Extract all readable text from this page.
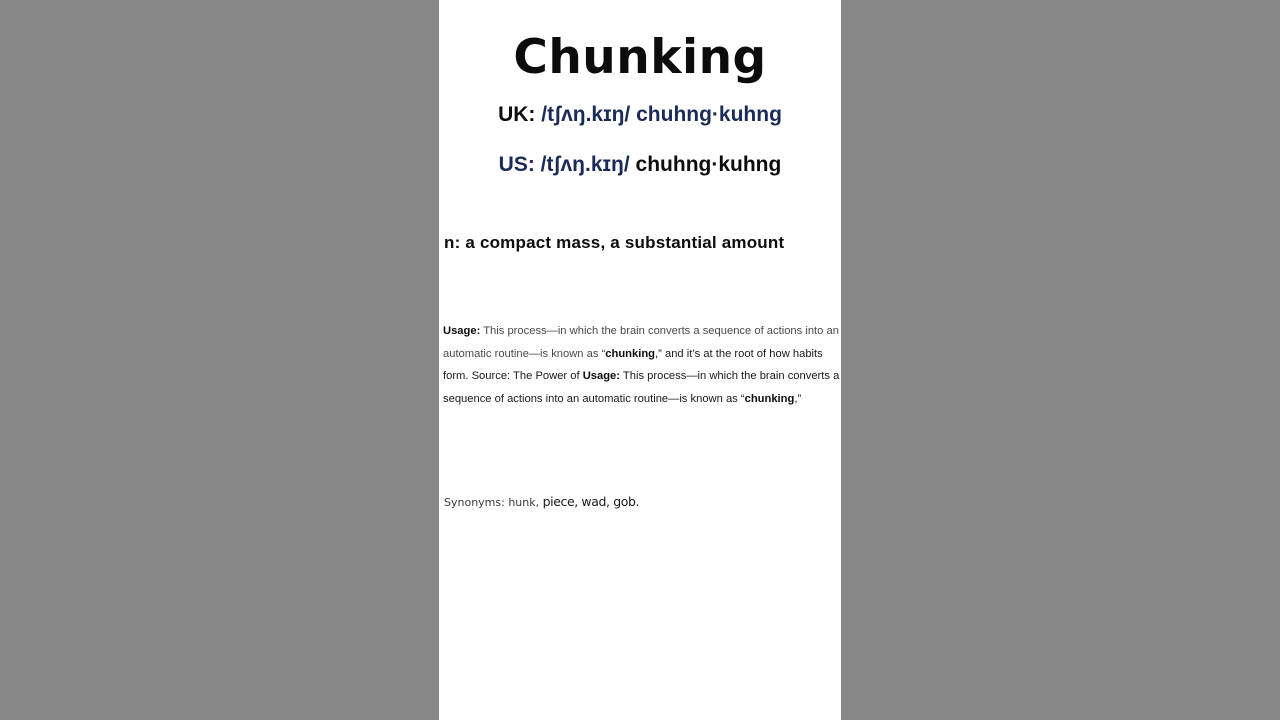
Chunking
UK: /tʃʌŋ.kɪŋ/ chuhng·kuhng
US: /tʃʌŋ.kɪŋ/ chuhng·kuhng
n: a compact mass, a substantial amount
Usage: This process—in which the brain converts a sequence of actions into an automatic routine—is known as “chunking,” and it’s at the root of how habits form. Source: The Power of Usage: This process—in which the brain converts a sequence of actions into an automatic routine—is known as “chunking,”
Synonyms: hunk, piece, wad, gob.
